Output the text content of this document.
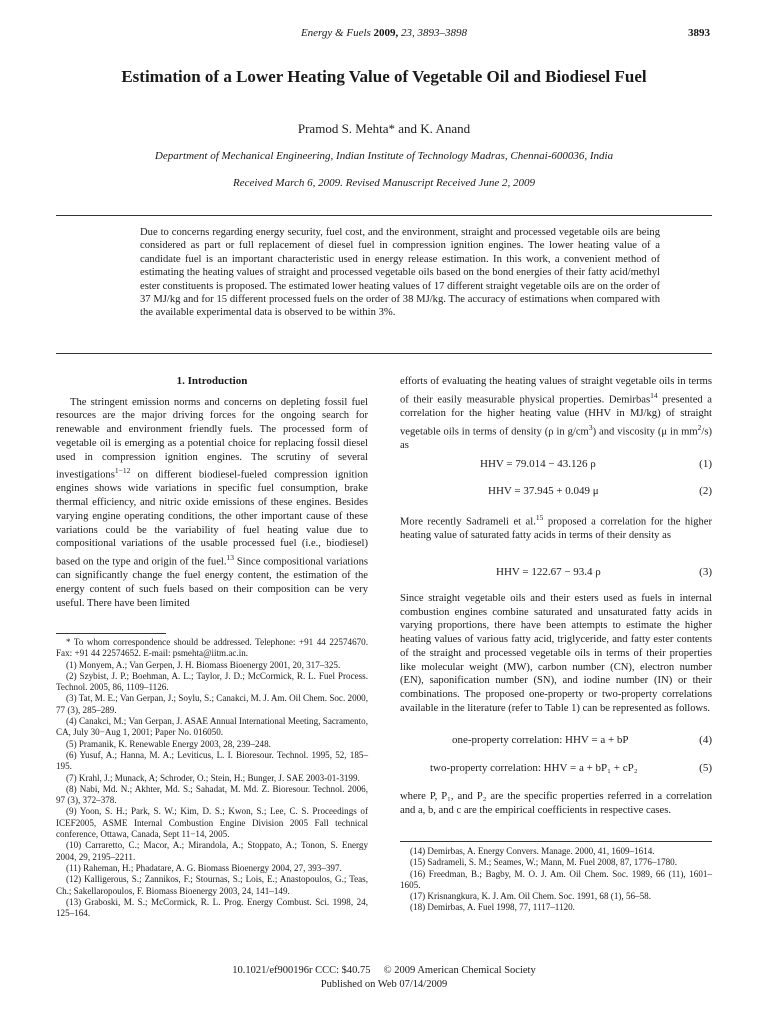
Energy & Fuels 2009, 23, 3893–3898	3893
Estimation of a Lower Heating Value of Vegetable Oil and Biodiesel Fuel
Pramod S. Mehta* and K. Anand
Department of Mechanical Engineering, Indian Institute of Technology Madras, Chennai-600036, India
Received March 6, 2009. Revised Manuscript Received June 2, 2009
Due to concerns regarding energy security, fuel cost, and the environment, straight and processed vegetable oils are being considered as part or full replacement of diesel fuel in compression ignition engines. The lower heating value of a candidate fuel is an important characteristic used in energy release estimation. In this work, a convenient method of estimating the heating values of straight and processed vegetable oils based on the bond energies of their fatty acid/methyl ester constituents is proposed. The estimated lower heating values of 17 different straight vegetable oils are on the order of 37 MJ/kg and for 15 different processed fuels on the order of 38 MJ/kg. The accuracy of estimations when compared with the available experimental data is observed to be within 3%.
1. Introduction
The stringent emission norms and concerns on depleting fossil fuel resources are the major driving forces for the ongoing search for renewable and environment friendly fuels. The processed form of vegetable oil is emerging as a potential choice for replacing fossil diesel used in compression ignition engines. The scrutiny of several investigations$^{1-12}$ on different biodiesel-fueled compression ignition engines shows wide variations in specific fuel consumption, brake thermal efficiency, and nitric oxide emissions of these engines. Besides varying engine operating conditions, the other important cause of these variations could be the variability of fuel heating value due to compositional variations of the usable processed fuel (i.e., biodiesel) based on the type and origin of the fuel.$^{13}$ Since compositional variations can significantly change the fuel energy content, the estimation of the energy content of such fuels based on their composition can be very useful. There have been limited

* To whom correspondence should be addressed. Telephone: +91 44 22574670. Fax: +91 44 22574652. E-mail: psmehta@iitm.ac.in.

(1) Monyem, A.; Van Gerpen, J. H. Biomass Bioenergy 2001, 20, 317–325.

(2) Szybist, J. P.; Boehman, A. L.; Taylor, J. D.; McCormick, R. L. Fuel Process. Technol. 2005, 86, 1109–1126.

(3) Tat, M. E.; Van Gerpan, J.; Soylu, S.; Canakci, M. J. Am. Oil Chem. Soc. 2000, 77 (3), 285–289.

(4) Canakci, M.; Van Gerpan, J. ASAE Annual International Meeting, Sacramento, CA, July 30−Aug 1, 2001; Paper No. 016050.

(5) Pramanik, K. Renewable Energy 2003, 28, 239–248.

(6) Yusuf, A.; Hanna, M. A.; Leviticus, L. I. Bioresour. Technol. 1995, 52, 185–195.

(7) Krahl, J.; Munack, A; Schroder, O.; Stein, H.; Bunger, J. SAE 2003-01-3199.

(8) Nabi, Md. N.; Akhter, Md. S.; Sahadat, M. Md. Z. Bioresour. Technol. 2006, 97 (3), 372–378.

(9) Yoon, S. H.; Park, S. W.; Kim, D. S.; Kwon, S.; Lee, C. S. Proceedings of ICEF2005, ASME Internal Combustion Engine Division 2005 Fall technical conference, Ottawa, Canada, Sept 11−14, 2005.

(10) Carraretto, C.; Macor, A.; Mirandola, A.; Stoppato, A.; Tonon, S. Energy 2004, 29, 2195–2211.

(11) Raheman, H.; Phadatare, A. G. Biomass Bioenergy 2004, 27, 393–397.

(12) Kalligerous, S.; Zannikos, F.; Stournas, S.; Lois, E.; Anastopoulos, G.; Teas, Ch.; Sakellaropoulos, F. Biomass Bioenergy 2003, 24, 141–149.

(13) Graboski, M. S.; McCormick, R. L. Prog. Energy Combust. Sci. 1998, 24, 125–164.

efforts of evaluating the heating values of straight vegetable oils in terms of their easily measurable physical properties. Demirbas$^{14}$ presented a correlation for the higher heating value (HHV in MJ/kg) of straight vegetable oils in terms of density (ρ in $g/cm^3$) and viscosity (μ in $mm^2/s$) as
HHV = 79.014 − 43.126 ρ	(1)
HHV = 37.945 + 0.049 μ	(2)
More recently Sadrameli et al.$^{15}$ proposed a correlation for the higher heating value of saturated fatty acids in terms of their density as
HHV = 122.67 − 93.4 ρ	(3)
Since straight vegetable oils and their esters used as fuels in internal combustion engines combine saturated and unsaturated fatty acids in varying proportions, there have been attempts to estimate the higher heating values of various fatty acid, triglyceride, and fatty ester contents of the straight and processed vegetable oils in terms of their properties like molecular weight (MW), carbon number (CN), electron number (EN), saponification number (SN), and iodine number (IN) or their combinations. The proposed one-property or two-property correlations available in the literature (refer to Table 1) can be represented as follows.
one-property correlation: HHV = a + bP	(4)
two-property correlation: HHV = a + bP₁ + cP₂	(5)
where P, P₁, and P₂ are the specific properties referred in a correlation and a, b, and c are the empirical coefficients in respective cases.

(14) Demirbas, A. Energy Convers. Manage. 2000, 41, 1609–1614.

(15) Sadrameli, S. M.; Seames, W.; Mann, M. Fuel 2008, 87, 1776–1780.

(16) Freedman, B.; Bagby, M. O. J. Am. Oil Chem. Soc. 1989, 66 (11), 1601–1605.

(17) Krisnangkura, K. J. Am. Oil Chem. Soc. 1991, 68 (1), 56–58.

(18) Demirbas, A. Fuel 1998, 77, 1117–1120.

10.1021/ef900196r CCC: $40.75     © 2009 American Chemical Society
Published on Web 07/14/2009
